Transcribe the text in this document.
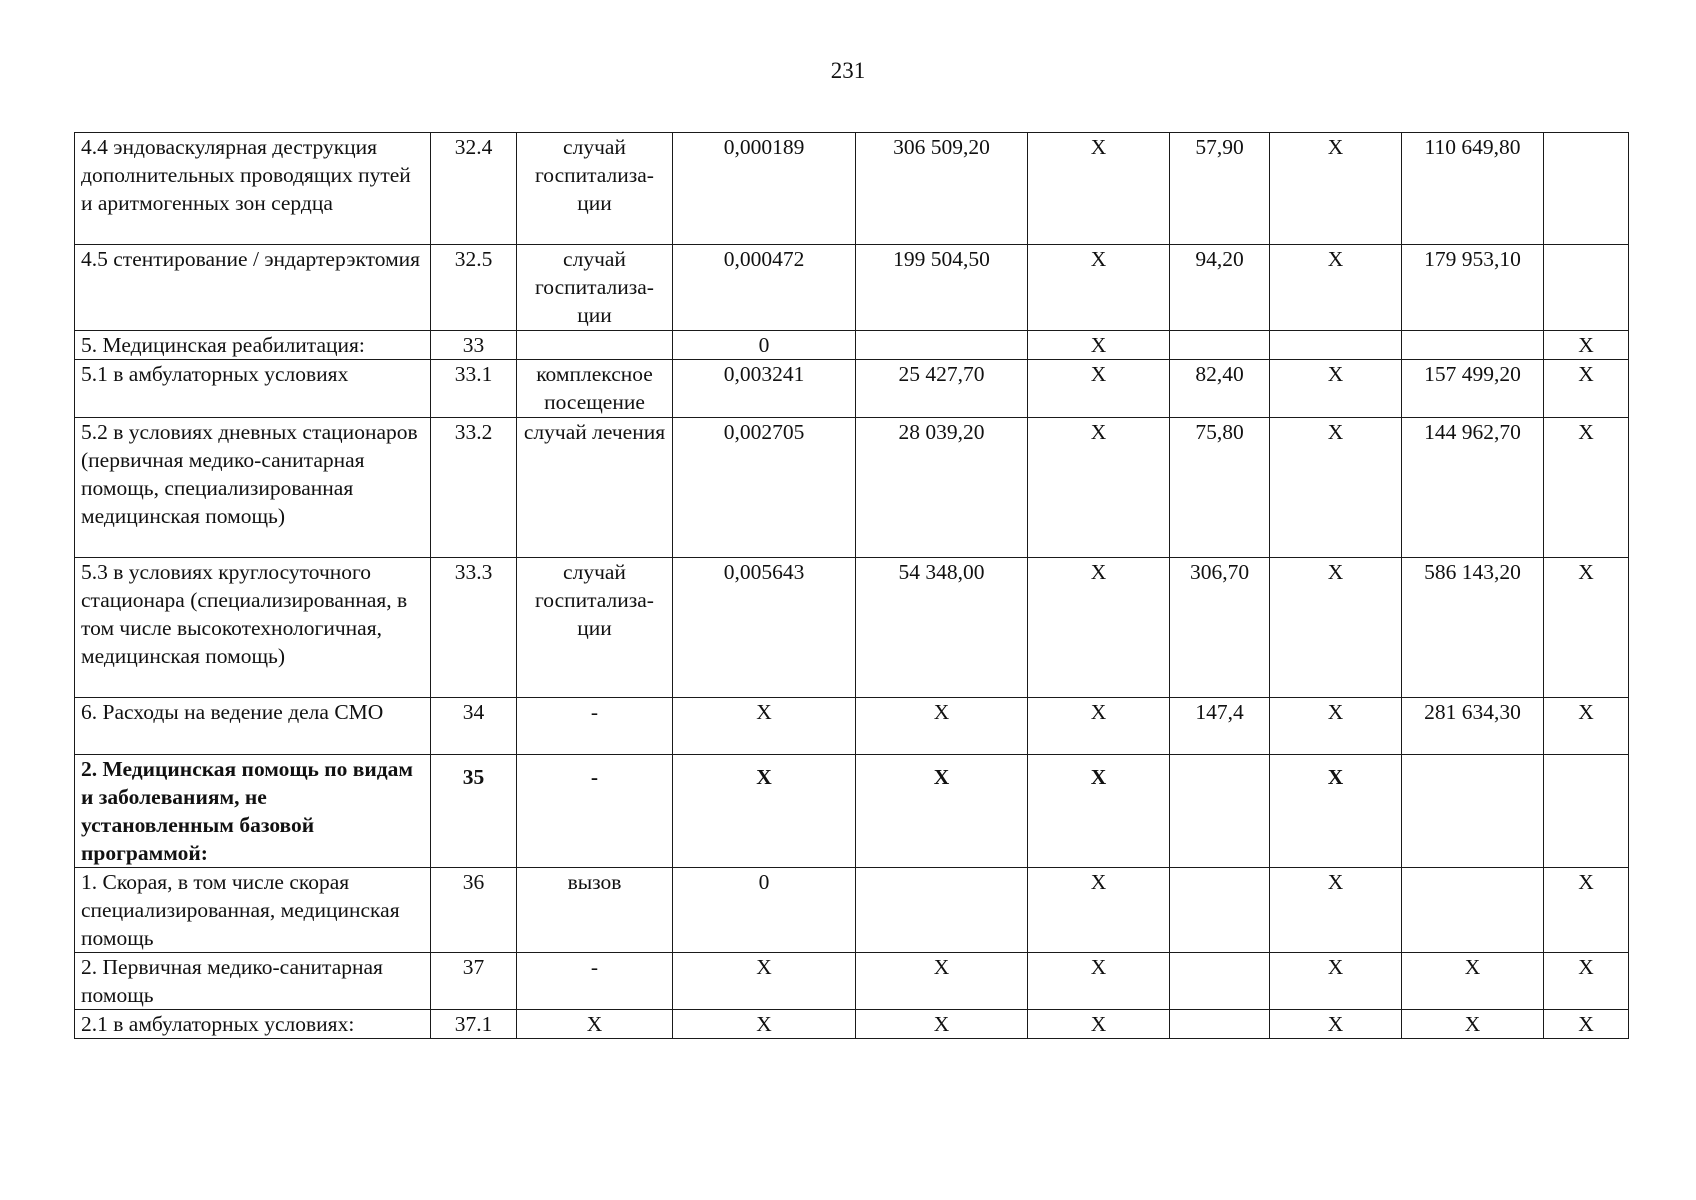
231
4.4 эндоваскулярная деструкция дополнительных проводящих путей и аритмогенных зон сердца	32.4	случай госпитализа-ции	0,000189	306 509,20	X	57,90	X	110 649,80	
4.5 стентирование / эндартерэктомия	32.5	случай госпитализа-ции	0,000472	199 504,50	X	94,20	X	179 953,10	
5. Медицинская реабилитация:	33		0		X				X
5.1 в амбулаторных условиях	33.1	комплексное посещение	0,003241	25 427,70	X	82,40	X	157 499,20	X
5.2 в условиях дневных стационаров (первичная медико-санитарная помощь, специализированная медицинская помощь)	33.2	случай лечения	0,002705	28 039,20	X	75,80	X	144 962,70	X
5.3 в условиях круглосуточного стационара (специализированная, в том числе высокотехнологичная, медицинская помощь)	33.3	случай госпитализа-ции	0,005643	54 348,00	X	306,70	X	586 143,20	X
6. Расходы на ведение дела СМО	34	-	X	X	X	147,4	X	281 634,30	X
2. Медицинская помощь по видам и заболеваниям, не установленным базовой программой:	35	-	X	X	X		X		
1. Скорая, в том числе скорая специализированная, медицинская помощь	36	вызов	0		X		X		X
2. Первичная медико-санитарная помощь	37	-	X	X	X		X	X	X
2.1 в амбулаторных условиях:	37.1	X	X	X	X		X	X	X
